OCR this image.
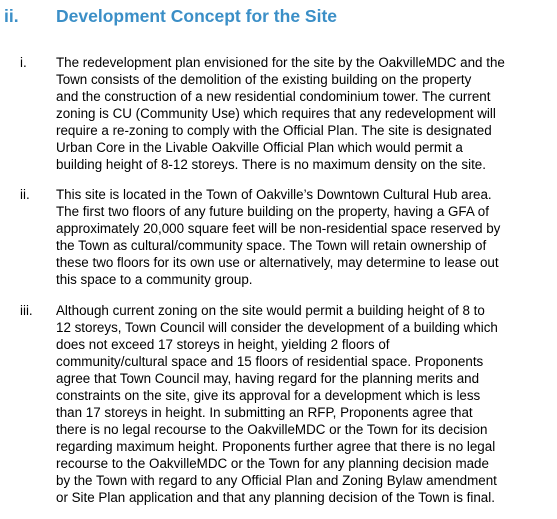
ii. Development Concept for the Site
i. The redevelopment plan envisioned for the site by the OakvilleMDC and the
Town consists of the demolition of the existing building on the property
and the construction of a new residential condominium tower. The current
zoning is CU (Community Use) which requires that any redevelopment will
require a re-zoning to comply with the Official Plan. The site is designated
Urban Core in the Livable Oakville Official Plan which would permit a
building height of 8-12 storeys. There is no maximum density on the site.

ii. This site is located in the Town of Oakville’s Downtown Cultural Hub area.
The first two floors of any future building on the property, having a GFA of
approximately 20,000 square feet will be non-residential space reserved by
the Town as cultural/community space. The Town will retain ownership of
these two floors for its own use or alternatively, may determine to lease out
this space to a community group.

iii. Although current zoning on the site would permit a building height of 8 to
12 storeys, Town Council will consider the development of a building which
does not exceed 17 storeys in height, yielding 2 floors of
community/cultural space and 15 floors of residential space. Proponents
agree that Town Council may, having regard for the planning merits and
constraints on the site, give its approval for a development which is less
than 17 storeys in height. In submitting an RFP, Proponents agree that
there is no legal recourse to the OakvilleMDC or the Town for its decision
regarding maximum height. Proponents further agree that there is no legal
recourse to the OakvilleMDC or the Town for any planning decision made
by the Town with regard to any Official Plan and Zoning Bylaw amendment
or Site Plan application and that any planning decision of the Town is final.
